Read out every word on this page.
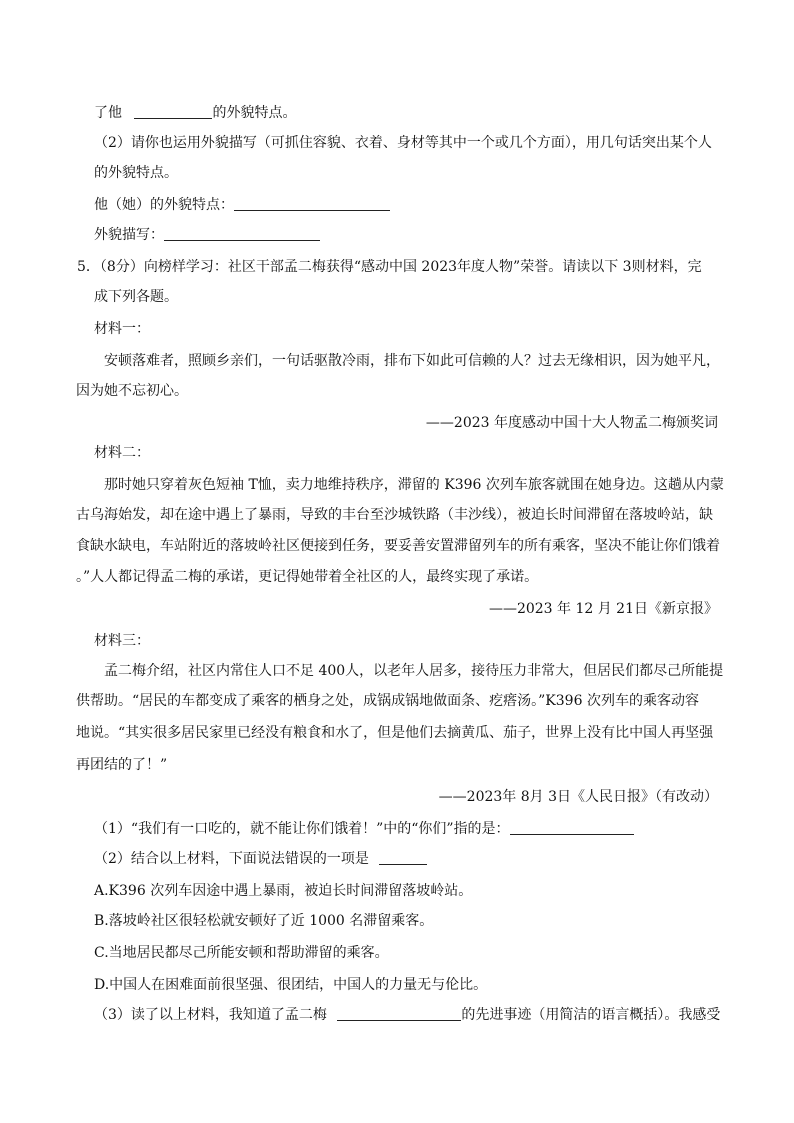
了他	的外貌特点。
（2）请你也运用外貌描写（可抓住容貌、衣着、身材等其中一个或几个方面），用几句话突出某个人
的外貌特点。
他（她）的外貌特点：
外貌描写：
5．（8分）向榜样学习：社区干部孟二梅获得“感动中国 2023年度人物”荣誉。请读以下 3则材料，完
成下列各题。
材料一：
安顿落难者，照顾乡亲们，一句话驱散冷雨，排布下如此可信赖的人？过去无缘相识，因为她平凡，
因为她不忘初心。
——2023 年度感动中国十大人物孟二梅颁奖词
材料二：
那时她只穿着灰色短袖 T恤，卖力地维持秩序，滞留的 K396 次列车旅客就围在她身边。这趟从内蒙
古乌海始发，却在途中遇上了暴雨，导致的丰台至沙城铁路（丰沙线），被迫长时间滞留在落坡岭站，缺
食缺水缺电，车站附近的落坡岭社区便接到任务，要妥善安置滞留列车的所有乘客，坚决不能让你们饿着
。”人人都记得孟二梅的承诺，更记得她带着全社区的人，最终实现了承诺。
——2023 年 12 月 21日《新京报》
材料三：
孟二梅介绍，社区内常住人口不足 400人，以老年人居多，接待压力非常大，但居民们都尽己所能提
供帮助。“居民的车都变成了乘客的栖身之处，成锅成锅地做面条、疙瘩汤。”K396 次列车的乘客动容
地说。“其实很多居民家里已经没有粮食和水了，但是他们去摘黄瓜、茄子，世界上没有比中国人再坚强
再团结的了！”
——2023年 8月 3日《人民日报》（有改动）
（1）“我们有一口吃的，就不能让你们饿着！”中的“你们”指的是：
（2）结合以上材料，下面说法错误的一项是
A.K396 次列车因途中遇上暴雨，被迫长时间滞留落坡岭站。
B.落坡岭社区很轻松就安顿好了近 1000 名滞留乘客。
C.当地居民都尽己所能安顿和帮助滞留的乘客。
D.中国人在困难面前很坚强、很团结，中国人的力量无与伦比。
（3）读了以上材料，我知道了孟二梅	的先进事迹（用简洁的语言概括）。我感受
